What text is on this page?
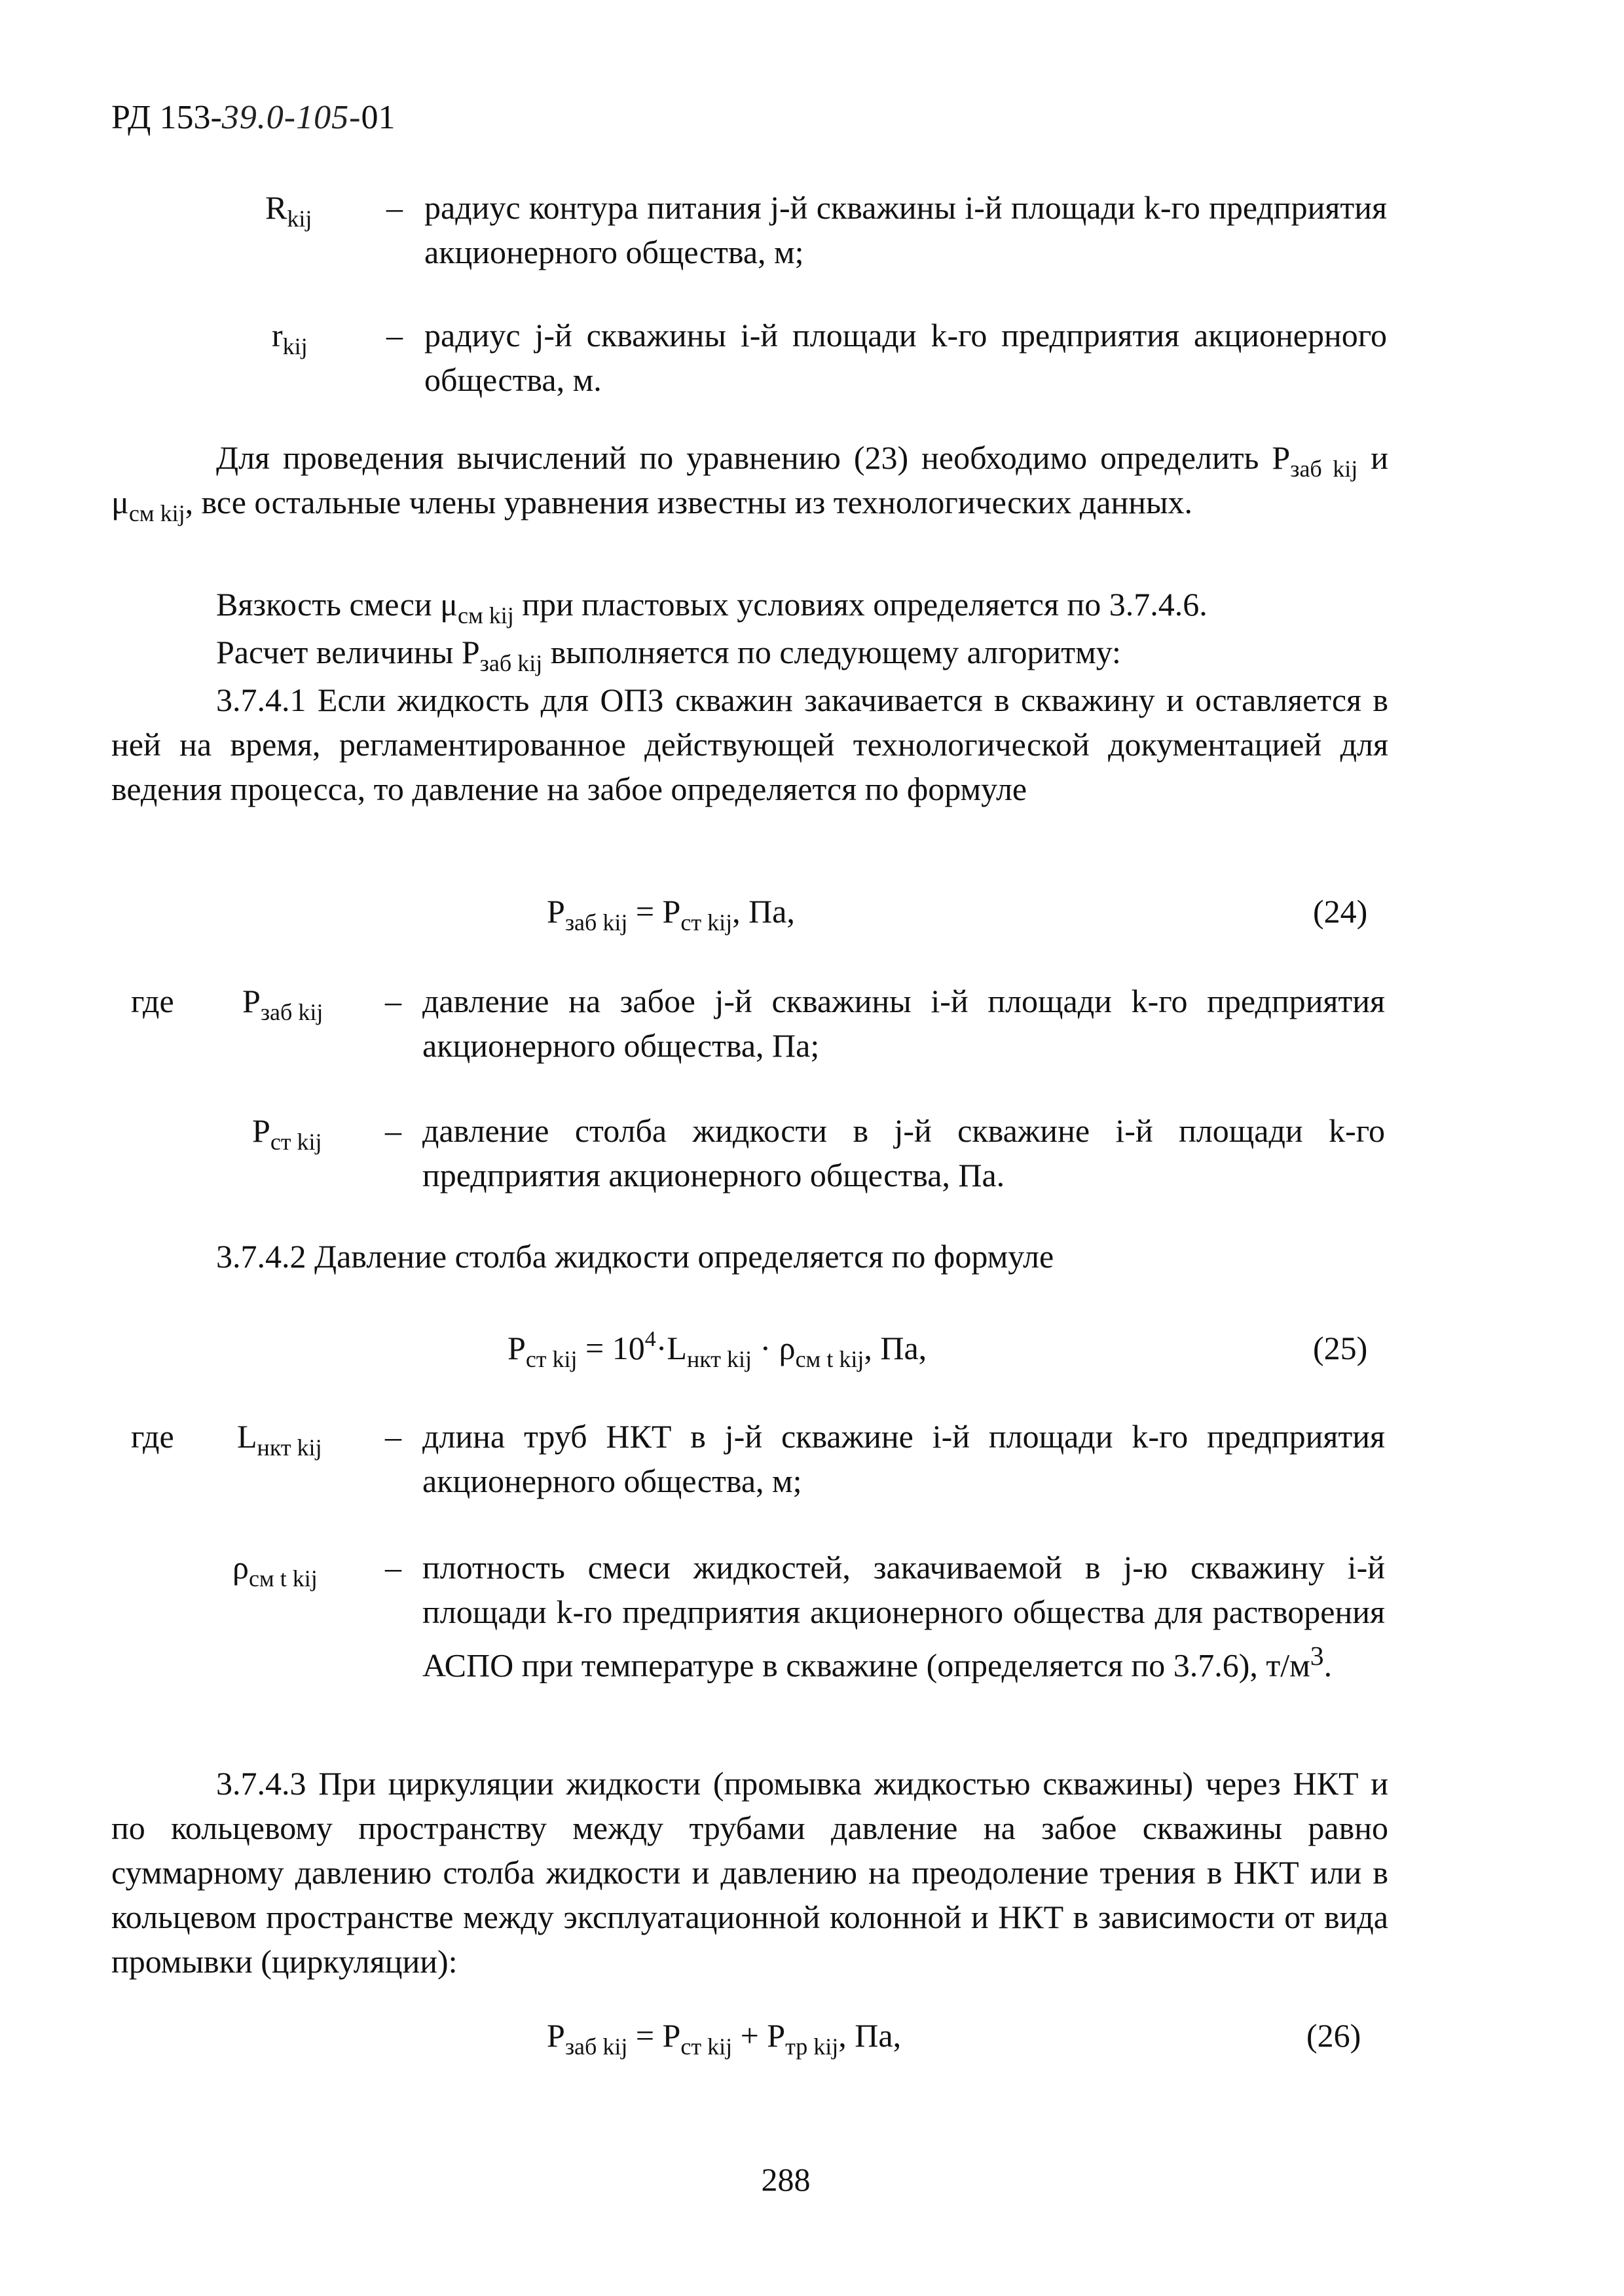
РД 153-39.0-105-01
$R_{kij}$ – радиус контура питания j-й скважины i-й площади k-го предприятия акционерного общества, м;
$r_{kij}$ – радиус j-й скважины i-й площади k-го предприятия акционерного общества, м.
Для проведения вычислений по уравнению (23) необходимо определить $Р_{заб kij}$ и $\mu_{см kij}$, все остальные члены уравнения известны из технологических данных.
Вязкость смеси $\mu_{см kij}$ при пластовых условиях определяется по 3.7.4.6.
Расчет величины $Р_{заб kij}$ выполняется по следующему алгоритму:
3.7.4.1 Если жидкость для ОПЗ скважин закачивается в скважину и оставляется в ней на время, регламентированное действующей технологической документацией для ведения процесса, то давление на забое определяется по формуле
$Р_{заб kij} = Р_{ст kij}$, Па,	(24)
где $Р_{заб kij}$ – давление на забое j-й скважины i-й площади k-го предприятия акционерного общества, Па;
$Р_{ст kij}$ – давление столба жидкости в j-й скважине i-й площади k-го предприятия акционерного общества, Па.
3.7.4.2 Давление столба жидкости определяется по формуле
$Р_{ст kij} = 10^4\cdot L_{нкт kij} \cdot \rho_{см t kij}$, Па,	(25)
где $L_{нкт kij}$ – длина труб НКТ в j-й скважине i-й площади k-го предприятия акционерного общества, м;
$\rho_{см t kij}$ – плотность смеси жидкостей, закачиваемой в j-ю скважину i-й площади k-го предприятия акционерного общества для растворения АСПО при температуре в скважине (определяется по 3.7.6), $т/м^3$.
3.7.4.3 При циркуляции жидкости (промывка жидкостью скважины) через НКТ и по кольцевому пространству между трубами давление на забое скважины равно суммарному давлению столба жидкости и давлению на преодоление трения в НКТ или в кольцевом пространстве между эксплуатационной колонной и НКТ в зависимости от вида промывки (циркуляции):
$Р_{заб kij} = Р_{ст kij} + Р_{тр kij}$, Па,	(26)
288
